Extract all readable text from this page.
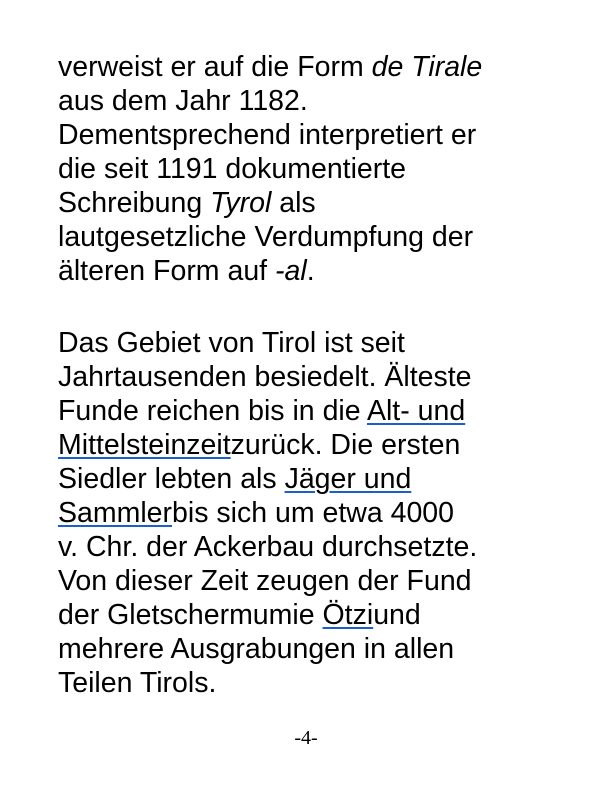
verweist er auf die Form de Tirale
aus dem Jahr 1182.
Dementsprechend interpretiert er
die seit 1191 dokumentierte
Schreibung Tyrol als
lautgesetzliche Verdumpfung der
älteren Form auf -al.
Das Gebiet von Tirol ist seit
Jahrtausenden besiedelt. Älteste
Funde reichen bis in die Alt- und
Mittelsteinzeitzurück. Die ersten
Siedler lebten als Jäger und
Sammlerbis sich um etwa 4000
v. Chr. der Ackerbau durchsetzte.
Von dieser Zeit zeugen der Fund
der Gletschermumie Ötziund
mehrere Ausgrabungen in allen
Teilen Tirols.
-4-
